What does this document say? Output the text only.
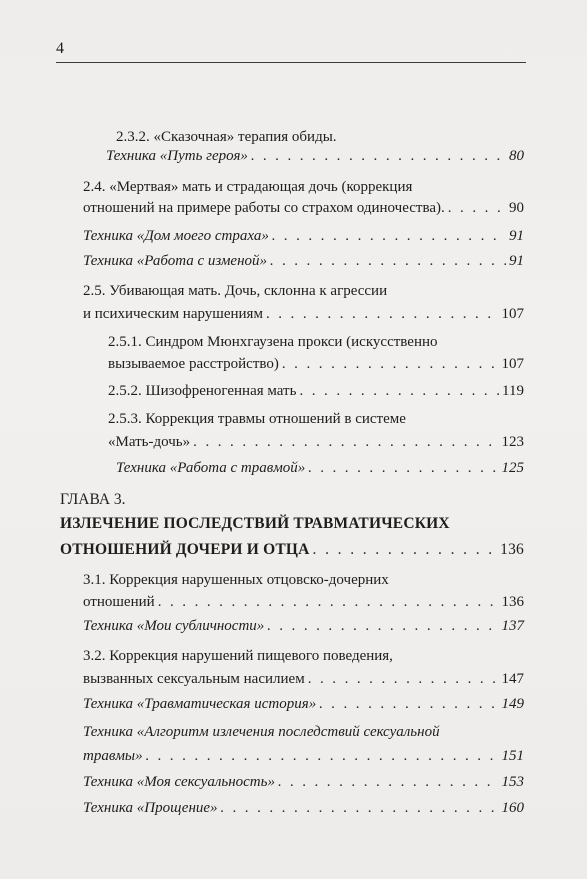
4
2.3.2. «Сказочная» терапия обиды.
Техника «Путь героя» . . .	80
2.4. «Мертвая» мать и страдающая дочь (коррекция
отношений на примере работы со страхом одиночества). . . .	90
Техника «Дом моего страха» . . .	91
Техника «Работа с изменой» . . .	91
2.5. Убивающая мать. Дочь, склонна к агрессии
и психическим нарушениям . . .	107
2.5.1. Синдром Мюнхгаузена прокси (искусственно
вызываемое расстройство) . . .	107
2.5.2. Шизофреногенная мать . . .	119
2.5.3. Коррекция травмы отношений в системе
«Мать-дочь» . . .	123
Техника «Работа с травмой» . . .	125
ГЛАВА 3.
ИЗЛЕЧЕНИЕ ПОСЛЕДСТВИЙ ТРАВМАТИЧЕСКИХ
ОТНОШЕНИЙ ДОЧЕРИ И ОТЦА . . .	136
3.1. Коррекция нарушенных отцовско-дочерних
отношений . . .	136
Техника «Мои субличности» . . .	137
3.2. Коррекция нарушений пищевого поведения,
вызванных сексуальным насилием . . .	147
Техника «Травматическая история» . . .	149
Техника «Алгоритм излечения последствий сексуальной
травмы» . . .	151
Техника «Моя сексуальность» . . .	153
Техника «Прощение» . . .	160
